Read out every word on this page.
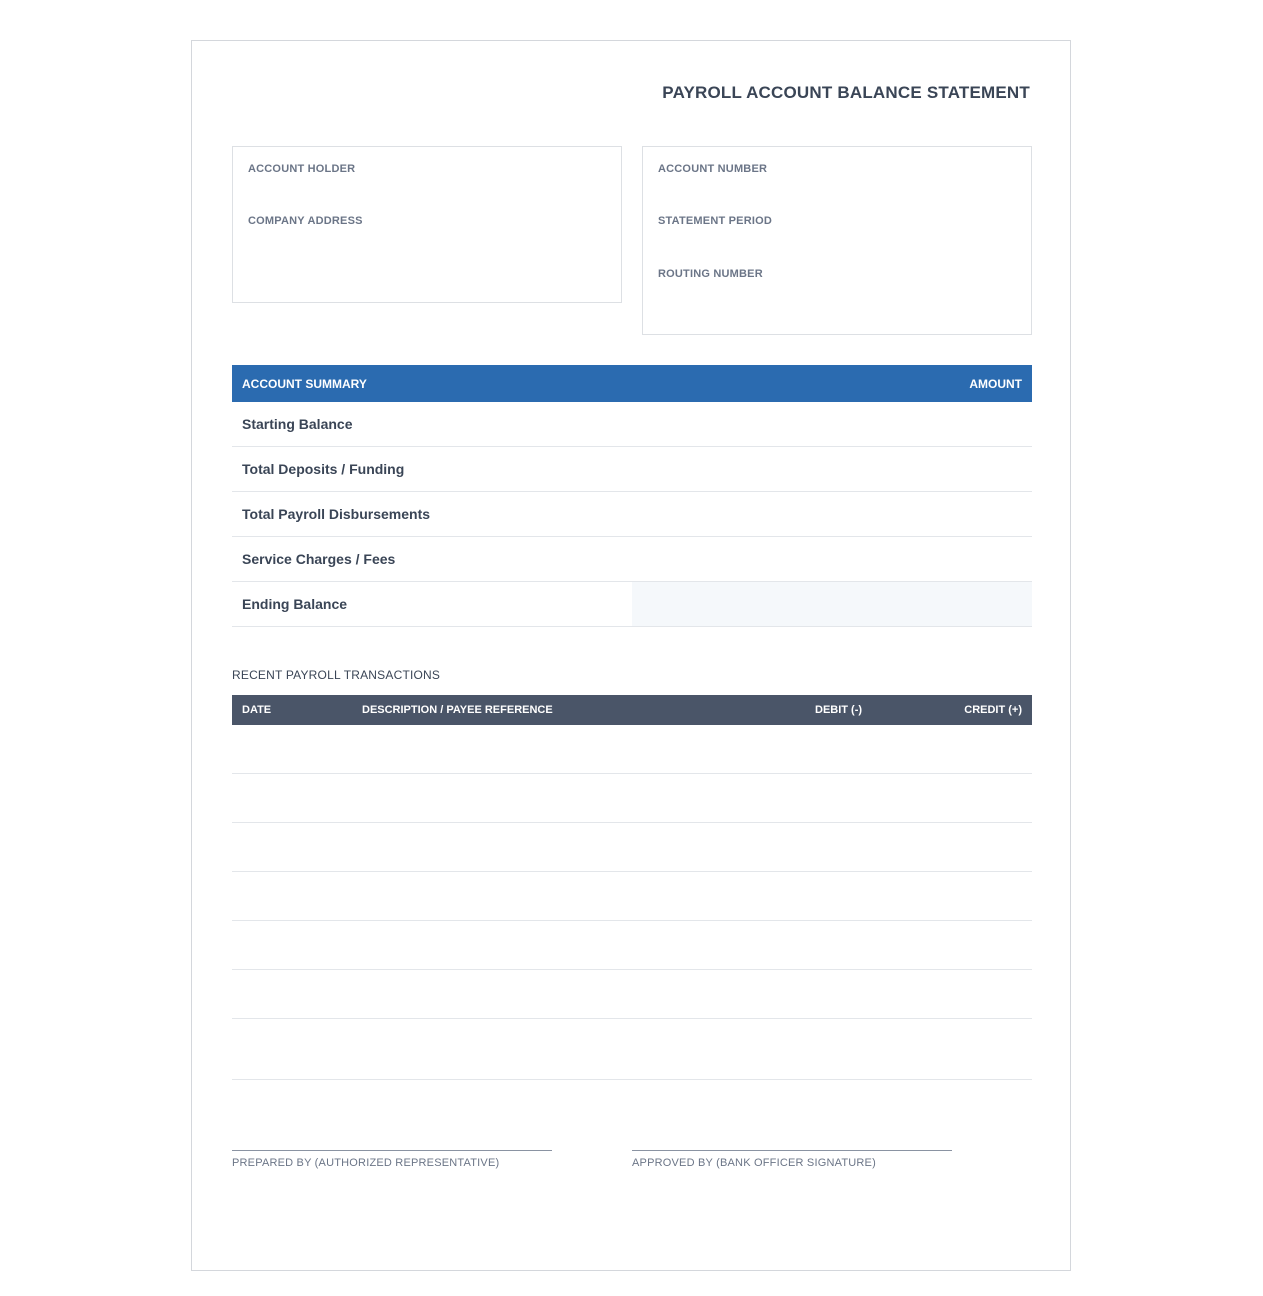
PAYROLL ACCOUNT BALANCE STATEMENT
ACCOUNT HOLDER
COMPANY ADDRESS
ACCOUNT NUMBER
STATEMENT PERIOD
ROUTING NUMBER
ACCOUNT SUMMARY	AMOUNT
Starting Balance
Total Deposits / Funding
Total Payroll Disbursements
Service Charges / Fees
Ending Balance
RECENT PAYROLL TRANSACTIONS
DATE	DESCRIPTION / PAYEE REFERENCE	DEBIT (-)	CREDIT (+)
PREPARED BY (AUTHORIZED REPRESENTATIVE)	APPROVED BY (BANK OFFICER SIGNATURE)
